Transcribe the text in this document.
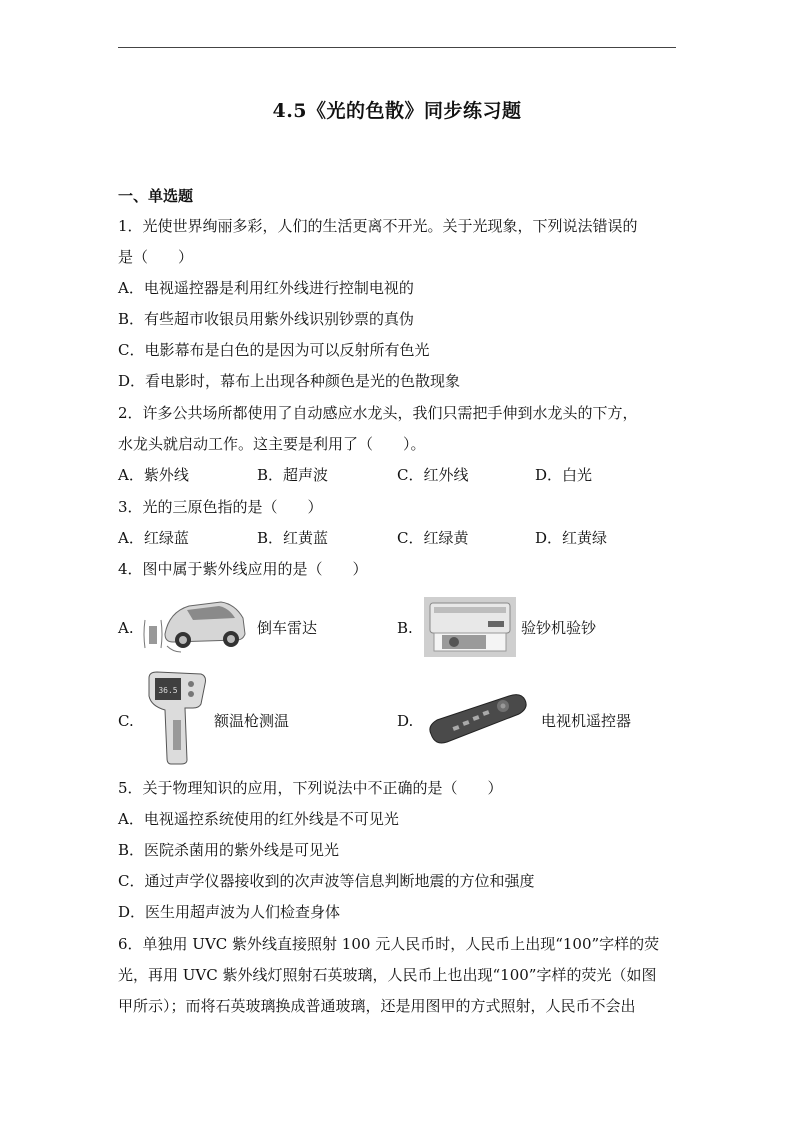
4.5《光的色散》同步练习题
一、单选题
1．光使世界绚丽多彩，人们的生活更离不开光。关于光现象，下列说法错误的
是（　　）
A．电视遥控器是利用红外线进行控制电视的
B．有些超市收银员用紫外线识别钞票的真伪
C．电影幕布是白色的是因为可以反射所有色光
D．看电影时，幕布上出现各种颜色是光的色散现象
2．许多公共场所都使用了自动感应水龙头，我们只需把手伸到水龙头的下方，
水龙头就启动工作。这主要是利用了（　　）。
A．紫外线	B．超声波	C．红外线	D．白光
3．光的三原色指的是（　　）
A．红绿蓝	B．红黄蓝	C．红绿黄	D．红黄绿
4．图中属于紫外线应用的是（　　）
A.	倒车雷达	B.	验钞机验钞
C.
36.5
额温枪测温	D.	电视机遥控器
5．关于物理知识的应用，下列说法中不正确的是（　　）
A．电视遥控系统使用的红外线是不可见光
B．医院杀菌用的紫外线是可见光
C．通过声学仪器接收到的次声波等信息判断地震的方位和强度
D．医生用超声波为人们检查身体
6．单独用 UVC 紫外线直接照射 100 元人民币时，人民币上出现“100”字样的荧
光，再用 UVC 紫外线灯照射石英玻璃，人民币上也出现“100”字样的荧光（如图
甲所示）；而将石英玻璃换成普通玻璃，还是用图甲的方式照射，人民币不会出
